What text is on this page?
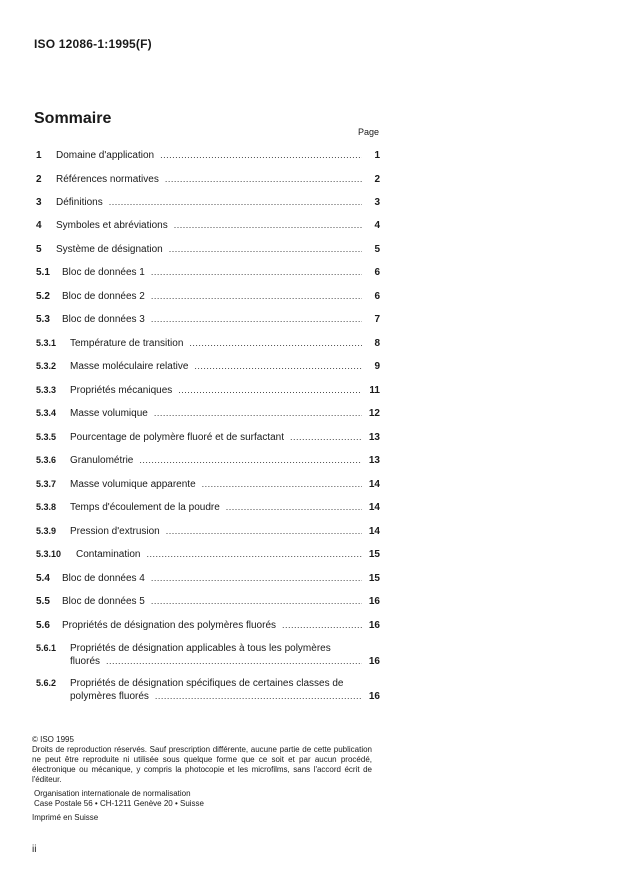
ISO 12086-1:1995(F)
Sommaire
Page
1	Domaine d'application .....	1
2	Références normatives .....	2
3	Définitions .....	3
4	Symboles et abréviations .....	4
5	Système de désignation .....	5
5.1	Bloc de données 1 .....	6
5.2	Bloc de données 2 .....	6
5.3	Bloc de données 3 .....	7
5.3.1	Température de transition .....	8
5.3.2	Masse moléculaire relative .....	9
5.3.3	Propriétés mécaniques .....	11
5.3.4	Masse volumique .....	12
5.3.5	Pourcentage de polymère fluoré et de surfactant .....	13
5.3.6	Granulométrie .....	13
5.3.7	Masse volumique apparente .....	14
5.3.8	Temps d'écoulement de la poudre .....	14
5.3.9	Pression d'extrusion .....	14
5.3.10	Contamination .....	15
5.4	Bloc de données 4 .....	15
5.5	Bloc de données 5 .....	16
5.6	Propriétés de désignation des polymères fluorés .....	16
5.6.1	Propriétés de désignation applicables à tous les polymères
fluorés .....	16
5.6.2	Propriétés de désignation spécifiques de certaines classes de
polymères fluorés .....	16

© ISO 1995

Droits de reproduction réservés. Sauf prescription différente, aucune partie de cette publication ne peut être reproduite ni utilisée sous quelque forme que ce soit et par aucun procédé, électronique ou mécanique, y compris la photocopie et les microfilms, sans l'accord écrit de l'éditeur.

Organisation internationale de normalisation

Case Postale 56 • CH-1211 Genève 20 • Suisse

Imprimé en Suisse

ii
